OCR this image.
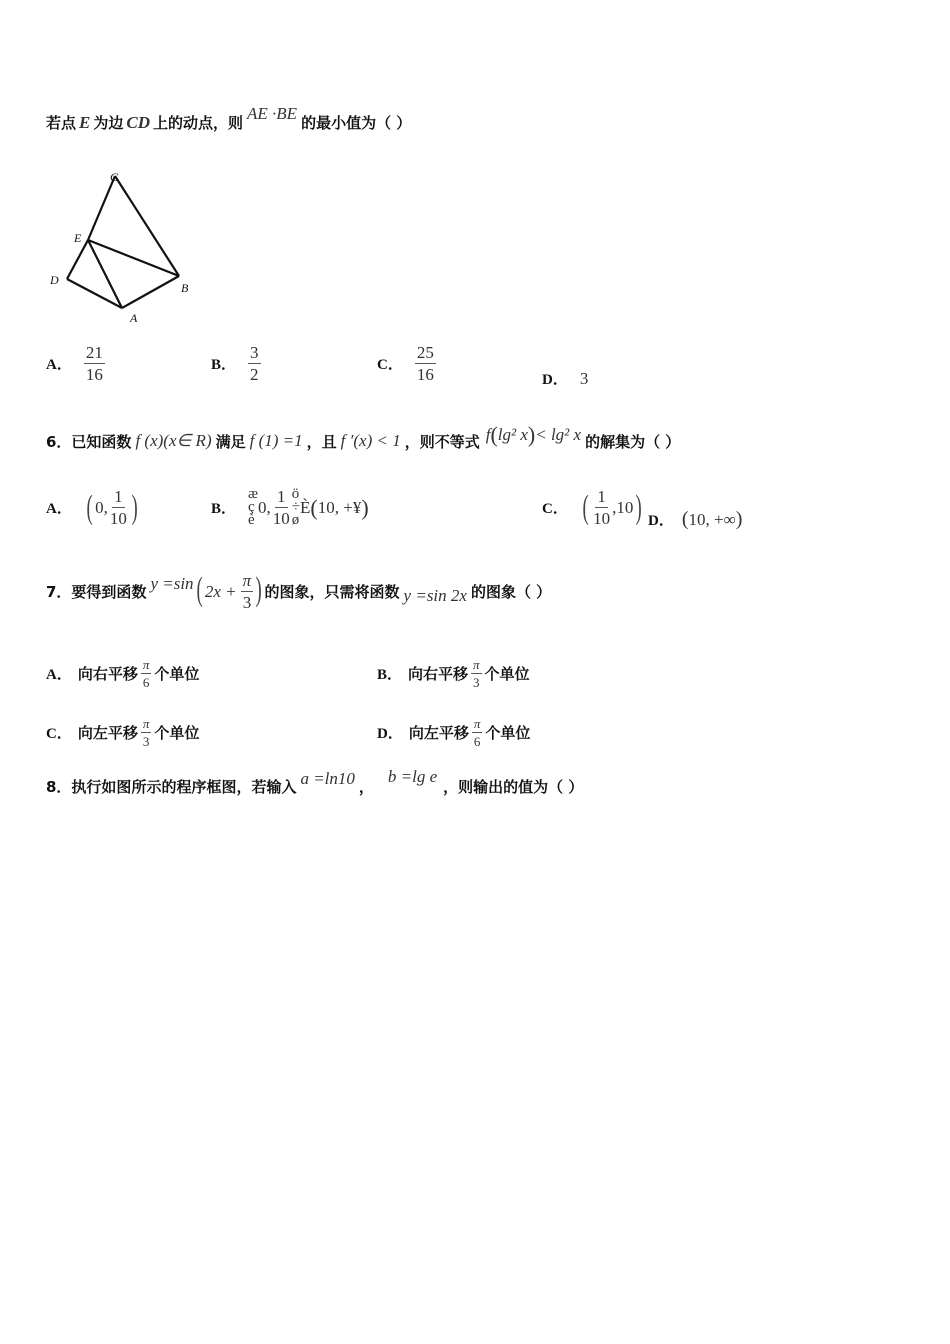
若点 E 为边 CD 上的动点，则
AE ·BE
的最小值为（ ）
C
E
D
B
A
A． $\frac{21}{16}$	B． $\frac{3}{2}$	C． $\frac{25}{16}$	D． 3
6．已知函数 f (x)(x∈ R) 满足 f (1) =1 ，且 f ′(x) < 1 ，则不等式 f ( lg² x ) < lg² x 的解集为（ ）
A． ( 0, $\frac{1}{10}$ )	B．
æ
ç
è
0, $\frac{1}{10}$ ö
÷
ø
È ( 10, +¥ )	C． ( $\frac{1}{10} ,10$ ) D． ( 10, +∞ )
7．要得到函数 y =sin ( $2x + \frac{\pi}{3}$ ) 的图象，只需将函数 y =sin 2x 的图象（ ）
A． 向右平移 $\frac{\pi}{6}$ 个单位	B． 向右平移 $\frac{\pi}{3}$ 个单位
C． 向左平移 $\frac{\pi}{3}$ 个单位	D． 向左平移 $\frac{\pi}{6}$ 个单位
8．执行如图所示的程序框图，若输入 a =ln10 ，
b =lg e
，则输出的值为（ ）
